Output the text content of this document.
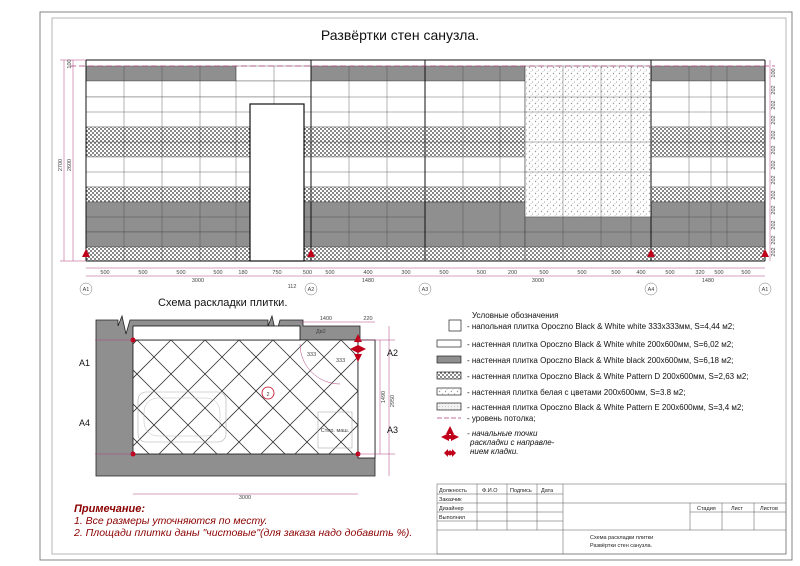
Развёртки стен санузла.
2700 2600
100
500	500	500	500	180	750	500 500	400	300	500	500	200	500	500	500	400	500	320 500	500
3000	1480	3000	1480
112
A1	A2	A3	A4	A1
Схема раскладки плитки.
Стир. маш.
333
333
2
A1
A4
A2
A3
1400	220
Дв2
3000
1490 2950
Условные обозначения
- напольная плитка Opoczno Black & White white 333x333мм, S=4,44 м2;
- настенная плитка Opoczno Black & White white 200x600мм, S=6,02 м2;
- настенная плитка Opoczno Black & White black 200x600мм, S=6,18 м2;
- настенная плитка Opoczno Black & White Pattern D 200x600мм, S=2,63 м2;
- настенная плитка белая с цветами 200x600мм, S=3.8 м2;
- настенная плитка Opoczno Black & White Pattern E 200x600мм, S=3,4 м2;
- уровень потолка;
- начальные точки
раскладки с направле-
нием кладки.
Примечание:
1. Все размеры уточняются по месту.
2. Площади плитки даны "чистовые"(для заказа надо добавить %).
Должность
Заказчик
Дизайнер
Выполнил
Ф.И.О Подпись Дата
Стадия	Лист	Листов
Схема раскладки плитки
Развёртки стен санузла.
202
202
202
202
202
202
202
202
202
202
202
202
100
